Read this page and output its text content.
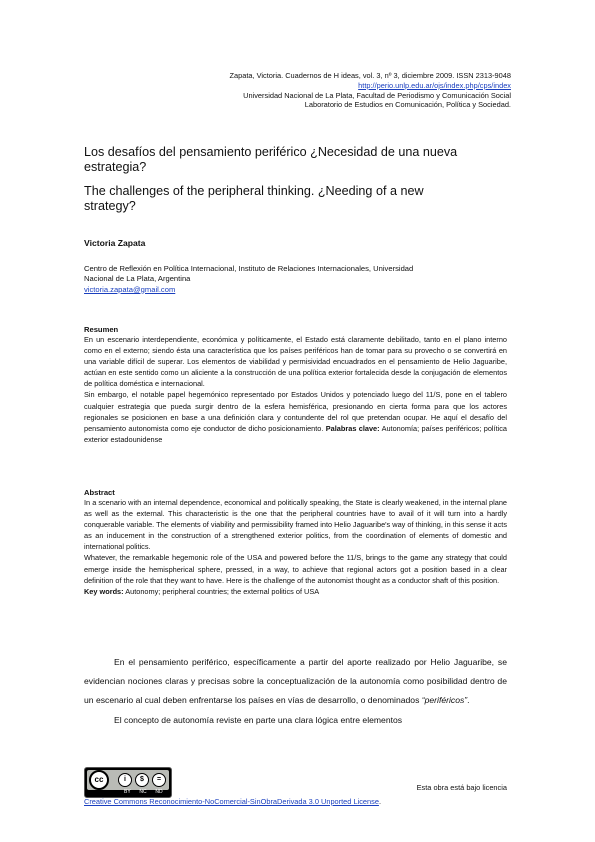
Zapata, Victoria. Cuadernos de H ideas, vol. 3, nº 3, diciembre 2009. ISSN 2313-9048
http://perio.unlp.edu.ar/ojs/index.php/cps/index
Universidad Nacional de La Plata, Facultad de Periodismo y Comunicación Social
Laboratorio de Estudios en Comunicación, Política y Sociedad.
Los desafíos del pensamiento periférico ¿Necesidad de una nueva estrategia?
The challenges of the peripheral thinking. ¿Needing of a new strategy?
Victoria Zapata
Centro de Reflexión en Política Internacional, Instituto de Relaciones Internacionales, Universidad
Nacional de La Plata, Argentina
victoria.zapata@gmail.com
Resumen

En un escenario interdependiente, económica y políticamente, el Estado está claramente debilitado, tanto en el plano interno como en el externo; siendo ésta una característica que los países periféricos han de tomar para su provecho o se convertirá en una variable difícil de superar. Los elementos de viabilidad y permisividad encuadrados en el pensamiento de Helio Jaguaribe, actúan en este sentido como un aliciente a la construcción de una política exterior fortalecida desde la conjugación de elementos de política doméstica e internacional.

Sin embargo, el notable papel hegemónico representado por Estados Unidos y potenciado luego del 11/S, pone en el tablero cualquier estrategia que pueda surgir dentro de la esfera hemisférica, presionando en cierta forma para que los actores regionales se posicionen en base a una definición clara y contundente del rol que pretendan ocupar. He aquí el desafío del pensamiento autonomista como eje conductor de dicho posicionamiento. Palabras clave: Autonomía; países periféricos; política exterior estadounidense

Abstract

In a scenario with an internal dependence, economical and politically speaking, the State is clearly weakened, in the internal plane as well as the external. This characteristic is the one that the peripheral countries have to avail of it will turn into a hardly conquerable variable. The elements of viability and permissibility framed into Helio Jaguaribe's way of thinking, in this sense it acts as an inducement in the construction of a strengthened exterior politics, from the coordination of elements of domestic and international politics.

Whatever, the remarkable hegemonic role of the USA and powered before the 11/S, brings to the game any strategy that could emerge inside the hemispherical sphere, pressed, in a way, to achieve that regional actors got a position based in a clear definition of the role that they want to have. Here is the challenge of the autonomist thought as a conductor shaft of this position.

Key words: Autonomy; peripheral countries; the external politics of USA

En el pensamiento periférico, específicamente a partir del aporte realizado por Helio Jaguaribe, se evidencian nociones claras y precisas sobre la conceptualización de la autonomía como posibilidad dentro de un escenario al cual deben enfrentarse los países en vías de desarrollo, o denominados “periféricos”.

El concepto de autonomía reviste en parte una clara lógica entre elementos

cc	i	$	=
BY NC ND	Esta obra está bajo licencia
Creative Commons Reconocimiento-NoComercial-SinObraDerivada 3.0 Unported License.
